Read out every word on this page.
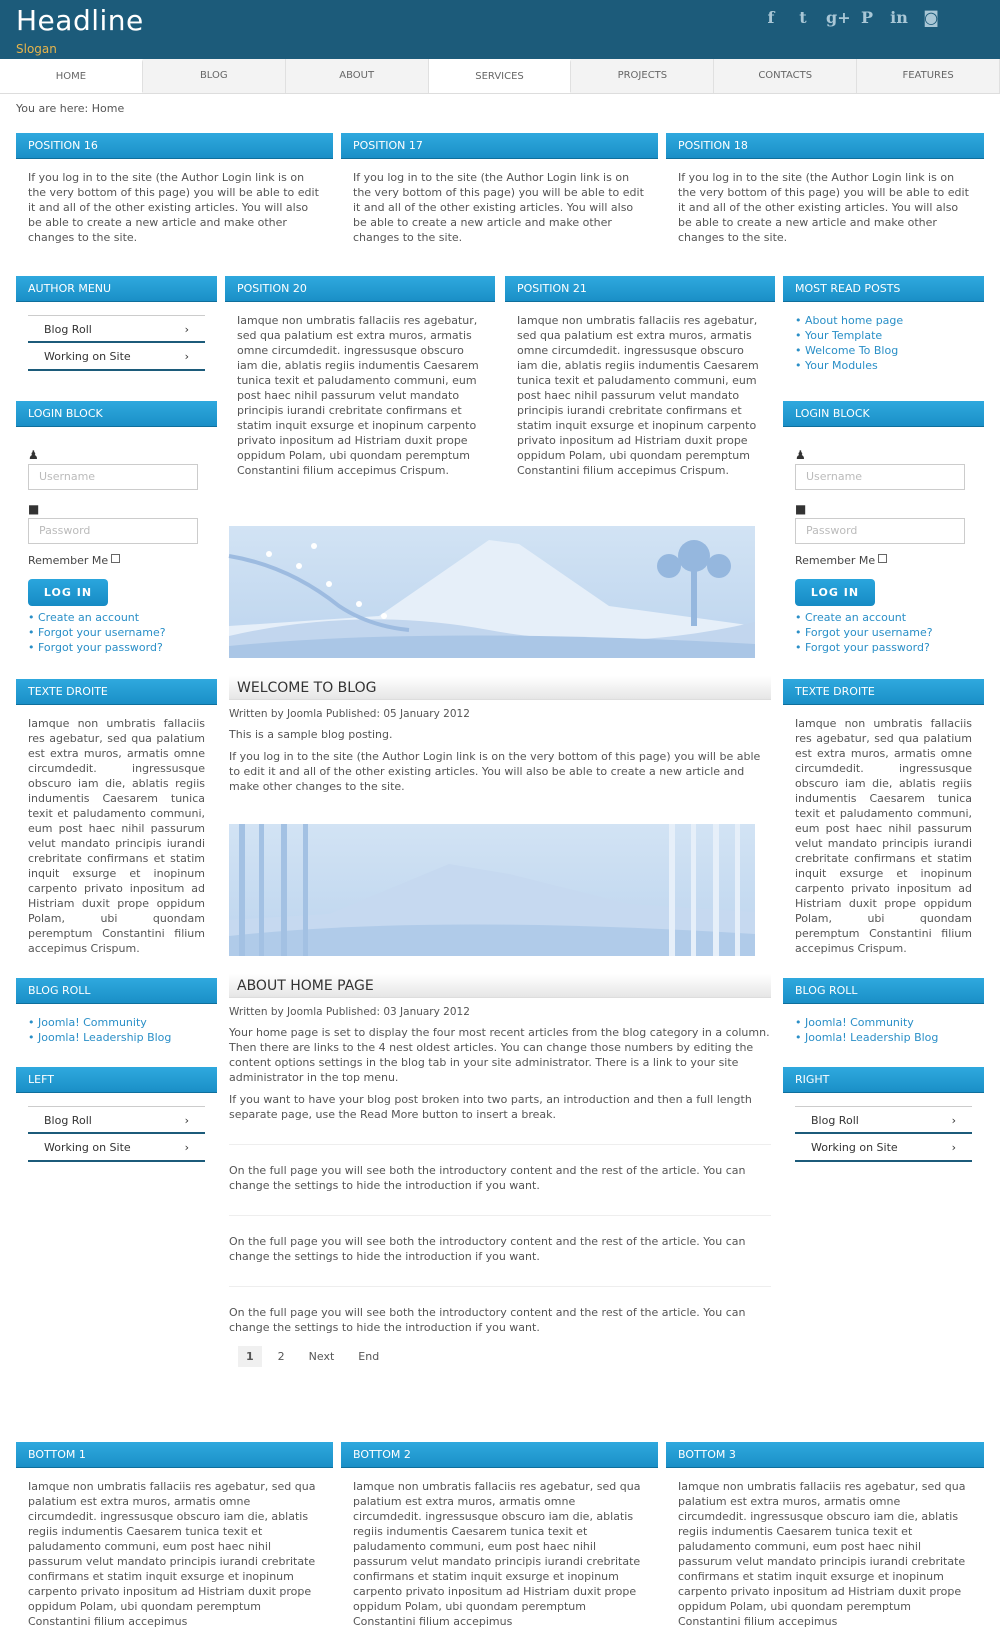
Headline
Slogan
f	t	g+ P in ◙
HOME	BLOG	ABOUT	SERVICES	PROJECTS	CONTACTS	FEATURES
You are here: Home
POSITION 16
If you log in to the site (the Author Login link is on the very bottom of this page) you will be able to edit it and all of the other existing articles. You will also be able to create a new article and make other changes to the site.
POSITION 17
If you log in to the site (the Author Login link is on the very bottom of this page) you will be able to edit it and all of the other existing articles. You will also be able to create a new article and make other changes to the site.
POSITION 18
If you log in to the site (the Author Login link is on the very bottom of this page) you will be able to edit it and all of the other existing articles. You will also be able to create a new article and make other changes to the site.
AUTHOR MENU
Blog Roll	›
Working on Site	›
LOGIN BLOCK
♟
Username
■
Password
Remember Me
LOG IN
• Create an account
• Forgot your username?
• Forgot your password?
TEXTE DROITE
Iamque non umbratis fallaciis res agebatur, sed qua palatium est extra muros, armatis omne circumdedit. ingressusque obscuro iam die, ablatis regiis indumentis Caesarem tunica texit et paludamento communi, eum post haec nihil passurum velut mandato principis iurandi crebritate confirmans et statim inquit exsurge et inopinum carpento privato inpositum ad Histriam duxit prope oppidum Polam, ubi quondam peremptum Constantini filium accepimus Crispum.
BLOG ROLL
• Joomla! Community
• Joomla! Leadership Blog
LEFT
Blog Roll	›
Working on Site	›
POSITION 20
Iamque non umbratis fallaciis res agebatur, sed qua palatium est extra muros, armatis omne circumdedit. ingressusque obscuro iam die, ablatis regiis indumentis Caesarem tunica texit et paludamento communi, eum post haec nihil passurum velut mandato principis iurandi crebritate confirmans et statim inquit exsurge et inopinum carpento privato inpositum ad Histriam duxit prope oppidum Polam, ubi quondam peremptum Constantini filium accepimus Crispum.
POSITION 21
Iamque non umbratis fallaciis res agebatur, sed qua palatium est extra muros, armatis omne circumdedit. ingressusque obscuro iam die, ablatis regiis indumentis Caesarem tunica texit et paludamento communi, eum post haec nihil passurum velut mandato principis iurandi crebritate confirmans et statim inquit exsurge et inopinum carpento privato inpositum ad Histriam duxit prope oppidum Polam, ubi quondam peremptum Constantini filium accepimus Crispum.
WELCOME TO BLOG
Written by Joomla Published: 05 January 2012
This is a sample blog posting.
If you log in to the site (the Author Login link is on the very bottom of this page) you will be able to edit it and all of the other existing articles. You will also be able to create a new article and make other changes to the site.
ABOUT HOME PAGE
Written by Joomla Published: 03 January 2012
Your home page is set to display the four most recent articles from the blog category in a column. Then there are links to the 4 nest oldest articles. You can change those numbers by editing the content options settings in the blog tab in your site administrator. There is a link to your site administrator in the top menu.
If you want to have your blog post broken into two parts, an introduction and then a full length separate page, use the Read More button to insert a break.
On the full page you will see both the introductory content and the rest of the article. You can change the settings to hide the introduction if you want.
On the full page you will see both the introductory content and the rest of the article. You can change the settings to hide the introduction if you want.
On the full page you will see both the introductory content and the rest of the article. You can change the settings to hide the introduction if you want.
1	2	Next	End
MOST READ POSTS
• About home page
• Your Template
• Welcome To Blog
• Your Modules
LOGIN BLOCK
♟
Username
■
Password
Remember Me
LOG IN
• Create an account
• Forgot your username?
• Forgot your password?
TEXTE DROITE
Iamque non umbratis fallaciis res agebatur, sed qua palatium est extra muros, armatis omne circumdedit. ingressusque obscuro iam die, ablatis regiis indumentis Caesarem tunica texit et paludamento communi, eum post haec nihil passurum velut mandato principis iurandi crebritate confirmans et statim inquit exsurge et inopinum carpento privato inpositum ad Histriam duxit prope oppidum Polam, ubi quondam peremptum Constantini filium accepimus Crispum.
BLOG ROLL
• Joomla! Community
• Joomla! Leadership Blog
RIGHT
Blog Roll	›
Working on Site	›
BOTTOM 1
Iamque non umbratis fallaciis res agebatur, sed qua palatium est extra muros, armatis omne circumdedit. ingressusque obscuro iam die, ablatis regiis indumentis Caesarem tunica texit et paludamento communi, eum post haec nihil passurum velut mandato principis iurandi crebritate confirmans et statim inquit exsurge et inopinum carpento privato inpositum ad Histriam duxit prope oppidum Polam, ubi quondam peremptum Constantini filium accepimus
BOTTOM 2
Iamque non umbratis fallaciis res agebatur, sed qua palatium est extra muros, armatis omne circumdedit. ingressusque obscuro iam die, ablatis regiis indumentis Caesarem tunica texit et paludamento communi, eum post haec nihil passurum velut mandato principis iurandi crebritate confirmans et statim inquit exsurge et inopinum carpento privato inpositum ad Histriam duxit prope oppidum Polam, ubi quondam peremptum Constantini filium accepimus
BOTTOM 3
Iamque non umbratis fallaciis res agebatur, sed qua palatium est extra muros, armatis omne circumdedit. ingressusque obscuro iam die, ablatis regiis indumentis Caesarem tunica texit et paludamento communi, eum post haec nihil passurum velut mandato principis iurandi crebritate confirmans et statim inquit exsurge et inopinum carpento privato inpositum ad Histriam duxit prope oppidum Polam, ubi quondam peremptum Constantini filium accepimus
